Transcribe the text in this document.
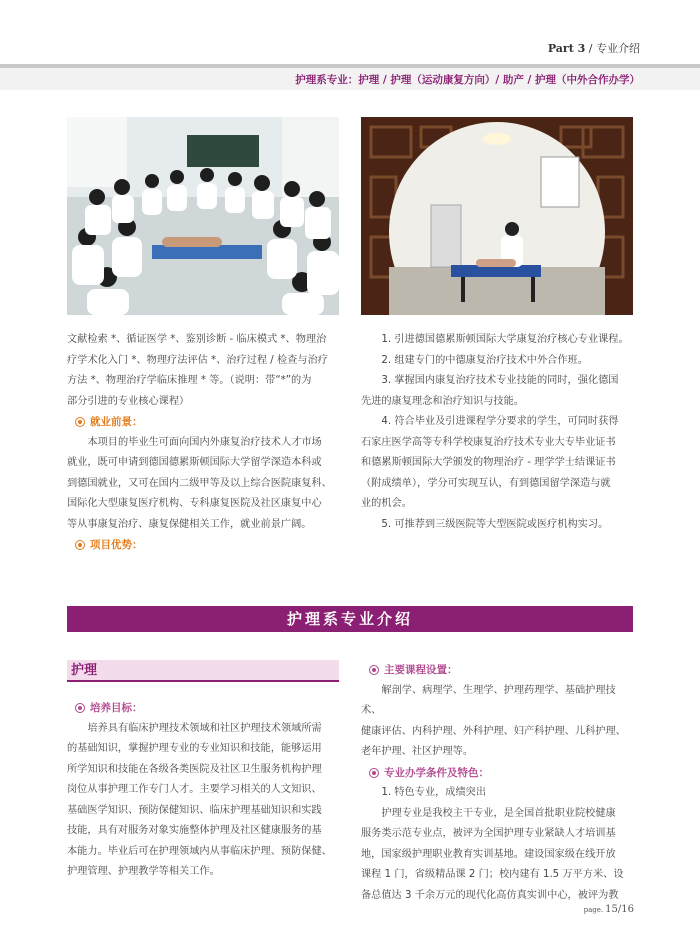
Part 3 / 专业介绍
护理系专业：护理 / 护理（运动康复方向）/ 助产 / 护理（中外合作办学）

文献检索 *、循证医学 *、鉴别诊断 - 临床模式 *、物理治

疗学术化入门 *、物理疗法评估 *、治疗过程 / 检查与治疗

方法 *、物理治疗学临床推理 * 等。（说明：带“*”的为

部分引进的专业核心课程）

就业前景：

本项目的毕业生可面向国内外康复治疗技术人才市场

就业，既可申请到德国德累斯顿国际大学留学深造本科或

到德国就业，又可在国内二级甲等及以上综合医院康复科、

国际化大型康复医疗机构、专科康复医院及社区康复中心

等从事康复治疗、康复保健相关工作，就业前景广阔。

项目优势：

1. 引进德国德累斯顿国际大学康复治疗核心专业课程。

2. 组建专门的中德康复治疗技术中外合作班。

3. 掌握国内康复治疗技术专业技能的同时，强化德国

先进的康复理念和治疗知识与技能。

4. 符合毕业及引进课程学分要求的学生，可同时获得

石家庄医学高等专科学校康复治疗技术专业大专毕业证书

和德累斯顿国际大学颁发的物理治疗 - 理学学士结课证书

（附成绩单），学分可实现互认，有到德国留学深造与就

业的机会。

5. 可推荐到三级医院等大型医院或医疗机构实习。

护理系专业介绍
护理
培养目标：

培养具有临床护理技术领域和社区护理技术领域所需

的基础知识，掌握护理专业的专业知识和技能，能够运用

所学知识和技能在各级各类医院及社区卫生服务机构护理

岗位从事护理工作专门人才。主要学习相关的人文知识、

基础医学知识、预防保健知识、临床护理基础知识和实践

技能，具有对服务对象实施整体护理及社区健康服务的基

本能力。毕业后可在护理领域内从事临床护理、预防保健、

护理管理、护理教学等相关工作。

主要课程设置：

解剖学、病理学、生理学、护理药理学、基础护理技术、

健康评估、内科护理、外科护理、妇产科护理、儿科护理、

老年护理、社区护理等。

专业办学条件及特色：

1. 特色专业，成绩突出

护理专业是我校主干专业，是全国首批职业院校健康

服务类示范专业点，被评为全国护理专业紧缺人才培训基

地，国家级护理职业教育实训基地。建设国家级在线开放

课程 1 门，省级精品课 2 门；校内建有 1.5 万平方米、设

备总值达 3 千余万元的现代化高仿真实训中心，被评为教

page. 15/16
